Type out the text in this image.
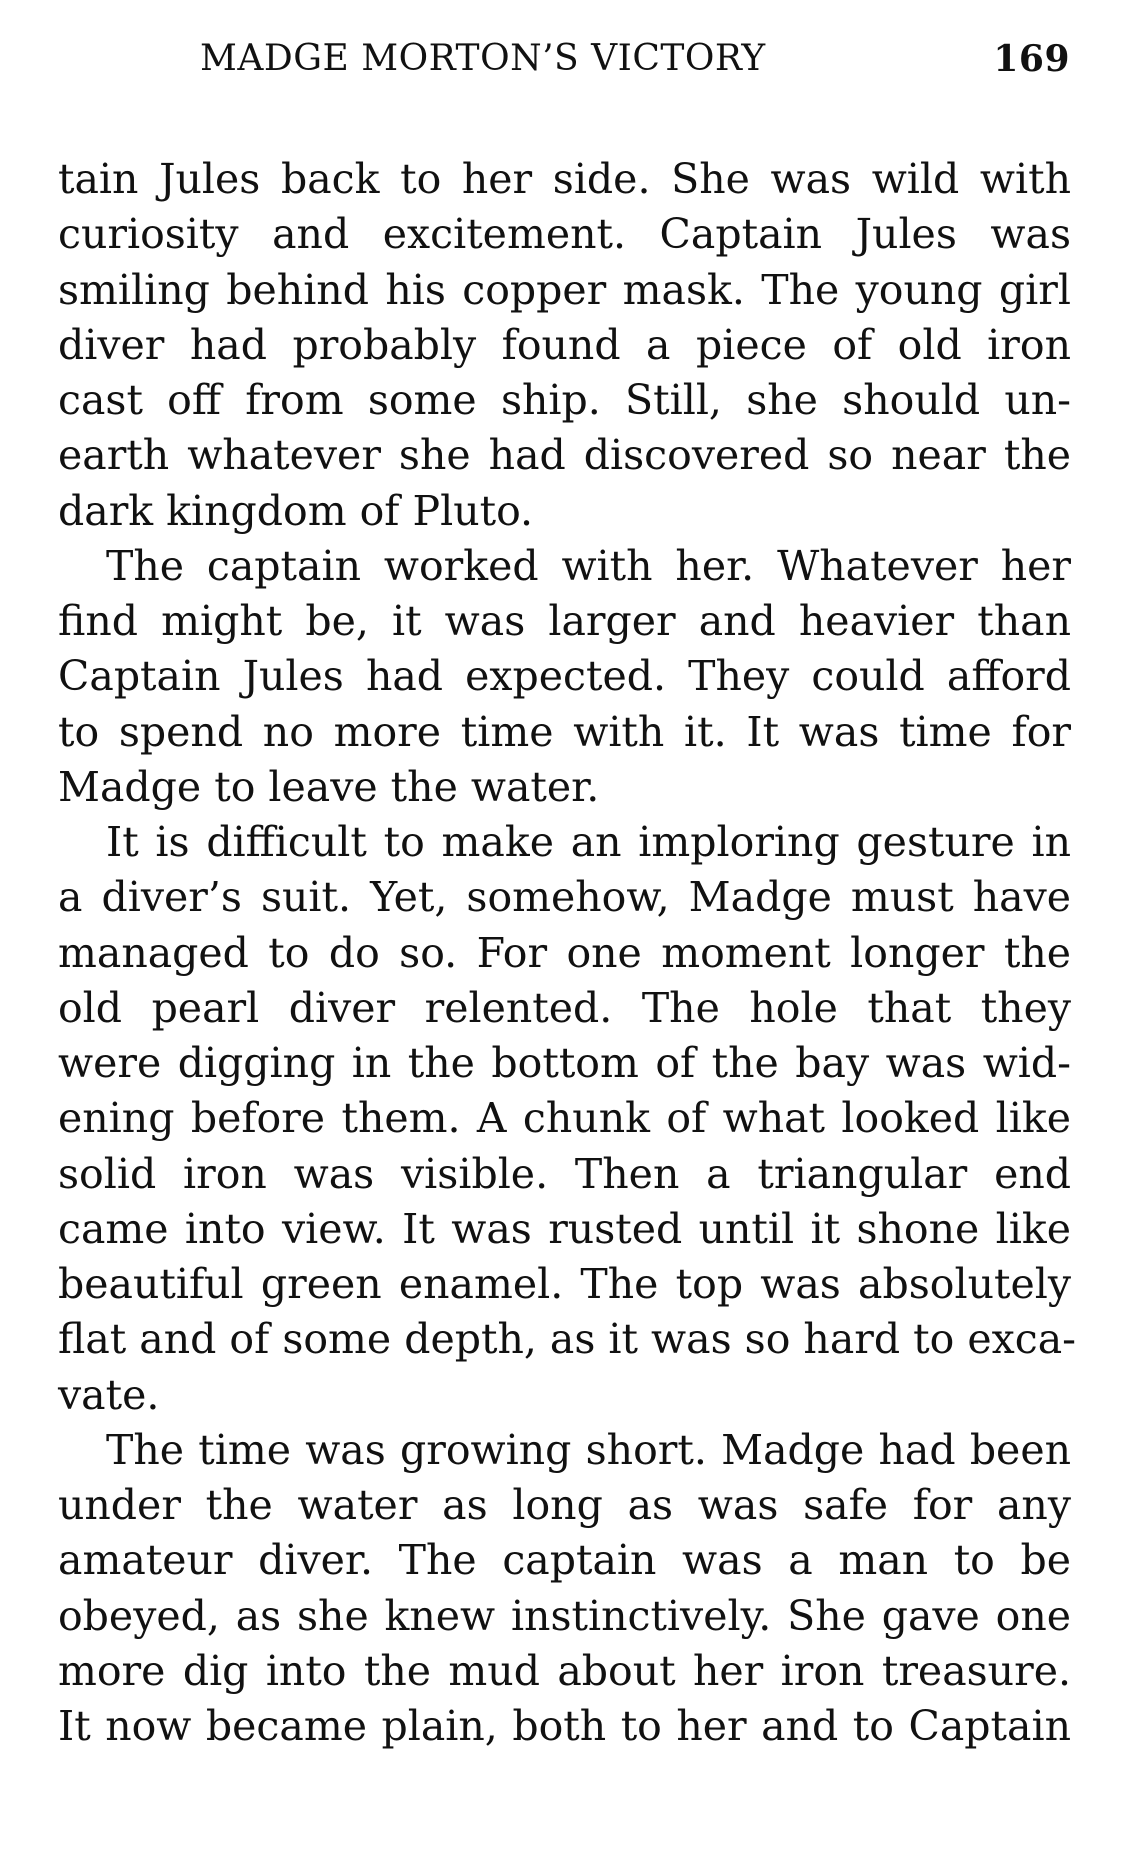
MADGE MORTON’S VICTORY	169
tain Jules back to her side. She was wild with
curiosity and excitement. Captain Jules was
smiling behind his copper mask. The young girl
diver had probably found a piece of old iron
cast off from some ship. Still, she should un-
earth whatever she had discovered so near the
dark kingdom of Pluto.
The captain worked with her. Whatever her
find might be, it was larger and heavier than
Captain Jules had expected. They could afford
to spend no more time with it. It was time for
Madge to leave the water.
It is difficult to make an imploring gesture in
a diver’s suit. Yet, somehow, Madge must have
managed to do so. For one moment longer the
old pearl diver relented. The hole that they
were digging in the bottom of the bay was wid-
ening before them. A chunk of what looked like
solid iron was visible. Then a triangular end
came into view. It was rusted until it shone like
beautiful green enamel. The top was absolutely
flat and of some depth, as it was so hard to exca-
vate.
The time was growing short. Madge had been
under the water as long as was safe for any
amateur diver. The captain was a man to be
obeyed, as she knew instinctively. She gave one
more dig into the mud about her iron treasure.
It now became plain, both to her and to Captain
